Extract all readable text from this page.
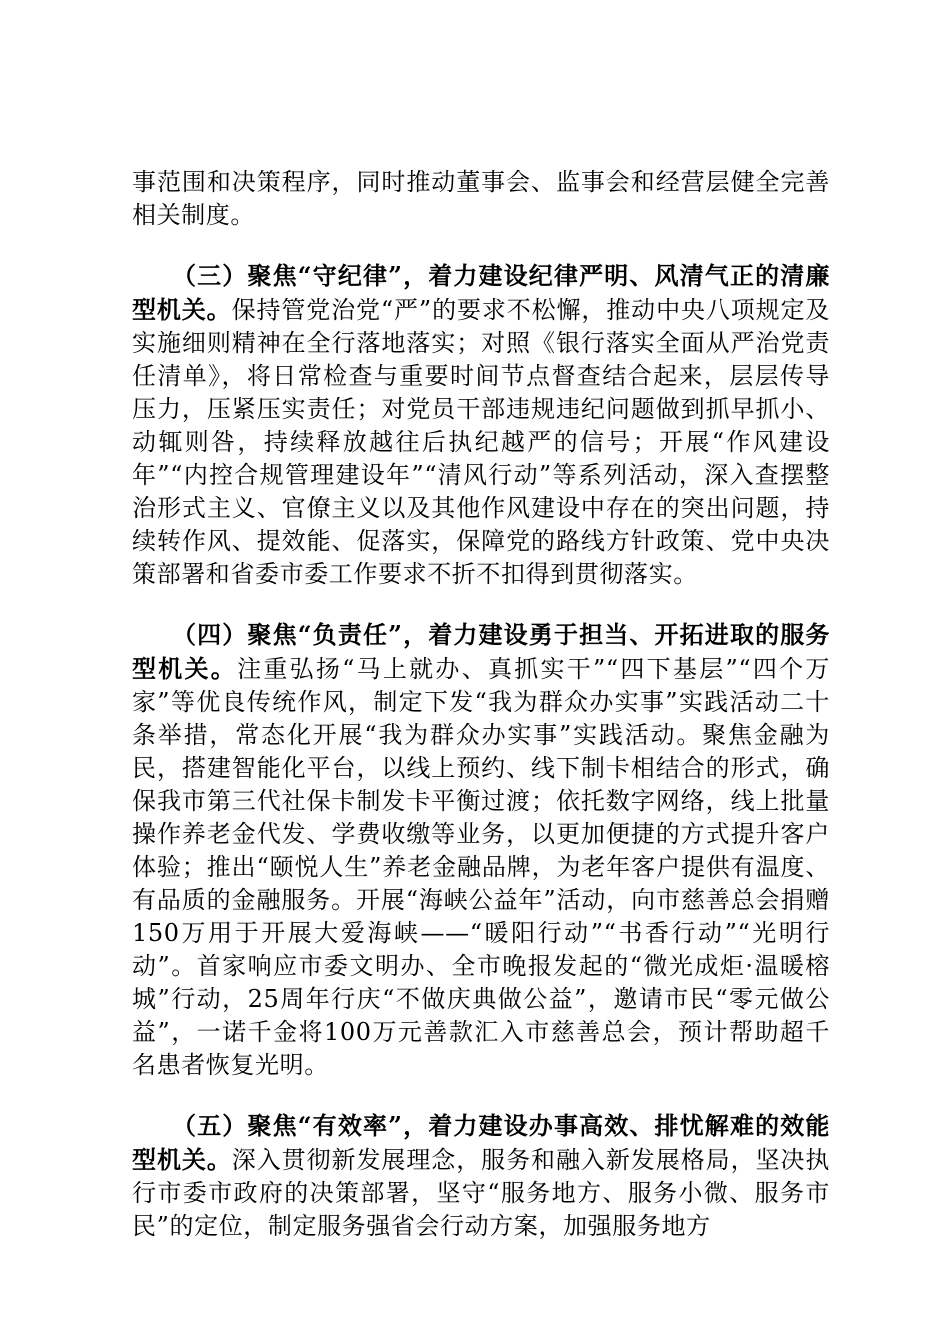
事范围和决策程序，同时推动董事会、监事会和经营层健全完善相关制度。

（三）聚焦“守纪律”，着力建设纪律严明、风清气正的清廉型机关。保持管党治党“严”的要求不松懈，推动中央八项规定及实施细则精神在全行落地落实；对照《银行落实全面从严治党责任清单》，将日常检查与重要时间节点督查结合起来，层层传导压力，压紧压实责任；对党员干部违规违纪问题做到抓早抓小、动辄则咎，持续释放越往后执纪越严的信号；开展“作风建设年”“内控合规管理建设年”“清风行动”等系列活动，深入查摆整治形式主义、官僚主义以及其他作风建设中存在的突出问题，持续转作风、提效能、促落实，保障党的路线方针政策、党中央决策部署和省委市委工作要求不折不扣得到贯彻落实。

（四）聚焦“负责任”，着力建设勇于担当、开拓进取的服务型机关。注重弘扬“马上就办、真抓实干”“四下基层”“四个万家”等优良传统作风，制定下发“我为群众办实事”实践活动二十条举措，常态化开展“我为群众办实事”实践活动。聚焦金融为民，搭建智能化平台，以线上预约、线下制卡相结合的形式，确保我市第三代社保卡制发卡平衡过渡；依托数字网络，线上批量操作养老金代发、学费收缴等业务，以更加便捷的方式提升客户体验；推出“颐悦人生”养老金融品牌，为老年客户提供有温度、有品质的金融服务。开展“海峡公益年”活动，向市慈善总会捐赠150万用于开展大爱海峡——“暖阳行动”“书香行动”“光明行动”。首家响应市委文明办、全市晚报发起的“微光成炬·温暖榕城”行动，25周年行庆“不做庆典做公益”，邀请市民“零元做公益”，一诺千金将100万元善款汇入市慈善总会，预计帮助超千名患者恢复光明。

（五）聚焦“有效率”，着力建设办事高效、排忧解难的效能型机关。深入贯彻新发展理念，服务和融入新发展格局，坚决执行市委市政府的决策部署，坚守“服务地方、服务小微、服务市民”的定位，制定服务强省会行动方案，加强服务地方
